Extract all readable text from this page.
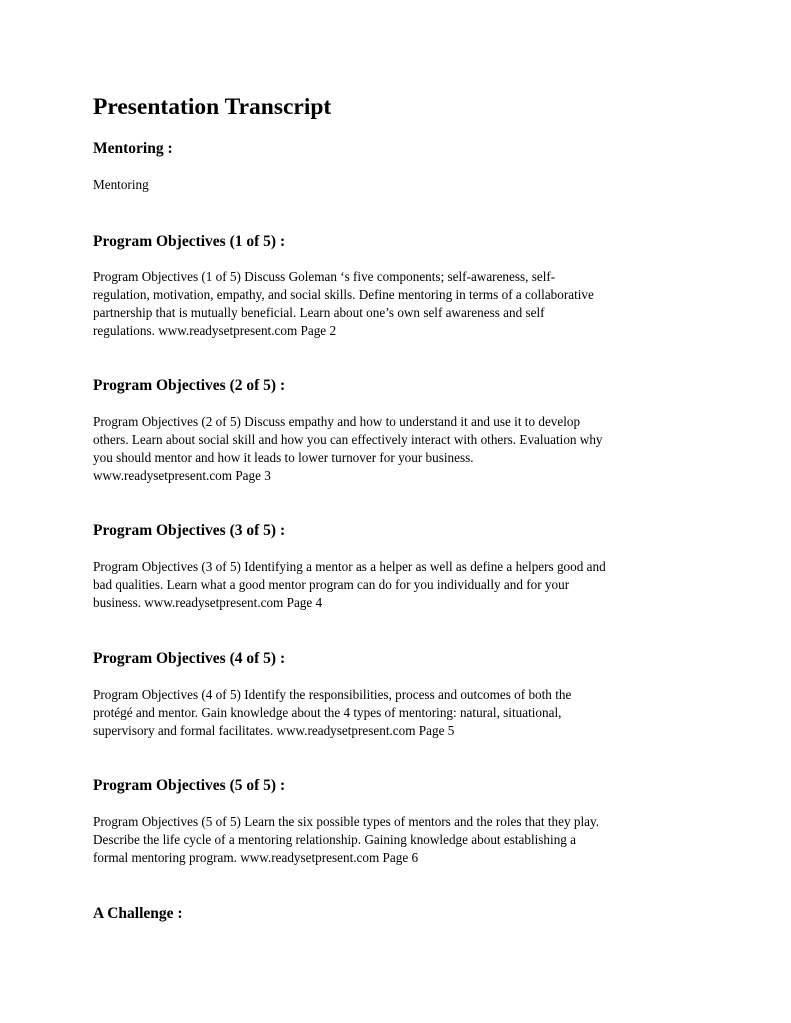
Presentation Transcript
Mentoring :

Mentoring

Program Objectives (1 of 5) :

Program Objectives (1 of 5) Discuss Goleman ‘s five components; self-awareness, self-
regulation, motivation, empathy, and social skills. Define mentoring in terms of a collaborative
partnership that is mutually beneficial. Learn about one’s own self awareness and self
regulations. www.readysetpresent.com Page 2

Program Objectives (2 of 5) :

Program Objectives (2 of 5) Discuss empathy and how to understand it and use it to develop
others. Learn about social skill and how you can effectively interact with others. Evaluation why
you should mentor and how it leads to lower turnover for your business.
www.readysetpresent.com Page 3

Program Objectives (3 of 5) :

Program Objectives (3 of 5) Identifying a mentor as a helper as well as define a helpers good and
bad qualities. Learn what a good mentor program can do for you individually and for your
business. www.readysetpresent.com Page 4

Program Objectives (4 of 5) :

Program Objectives (4 of 5) Identify the responsibilities, process and outcomes of both the
protégé and mentor. Gain knowledge about the 4 types of mentoring: natural, situational,
supervisory and formal facilitates. www.readysetpresent.com Page 5

Program Objectives (5 of 5) :

Program Objectives (5 of 5) Learn the six possible types of mentors and the roles that they play.
Describe the life cycle of a mentoring relationship. Gaining knowledge about establishing a
formal mentoring program. www.readysetpresent.com Page 6

A Challenge :
